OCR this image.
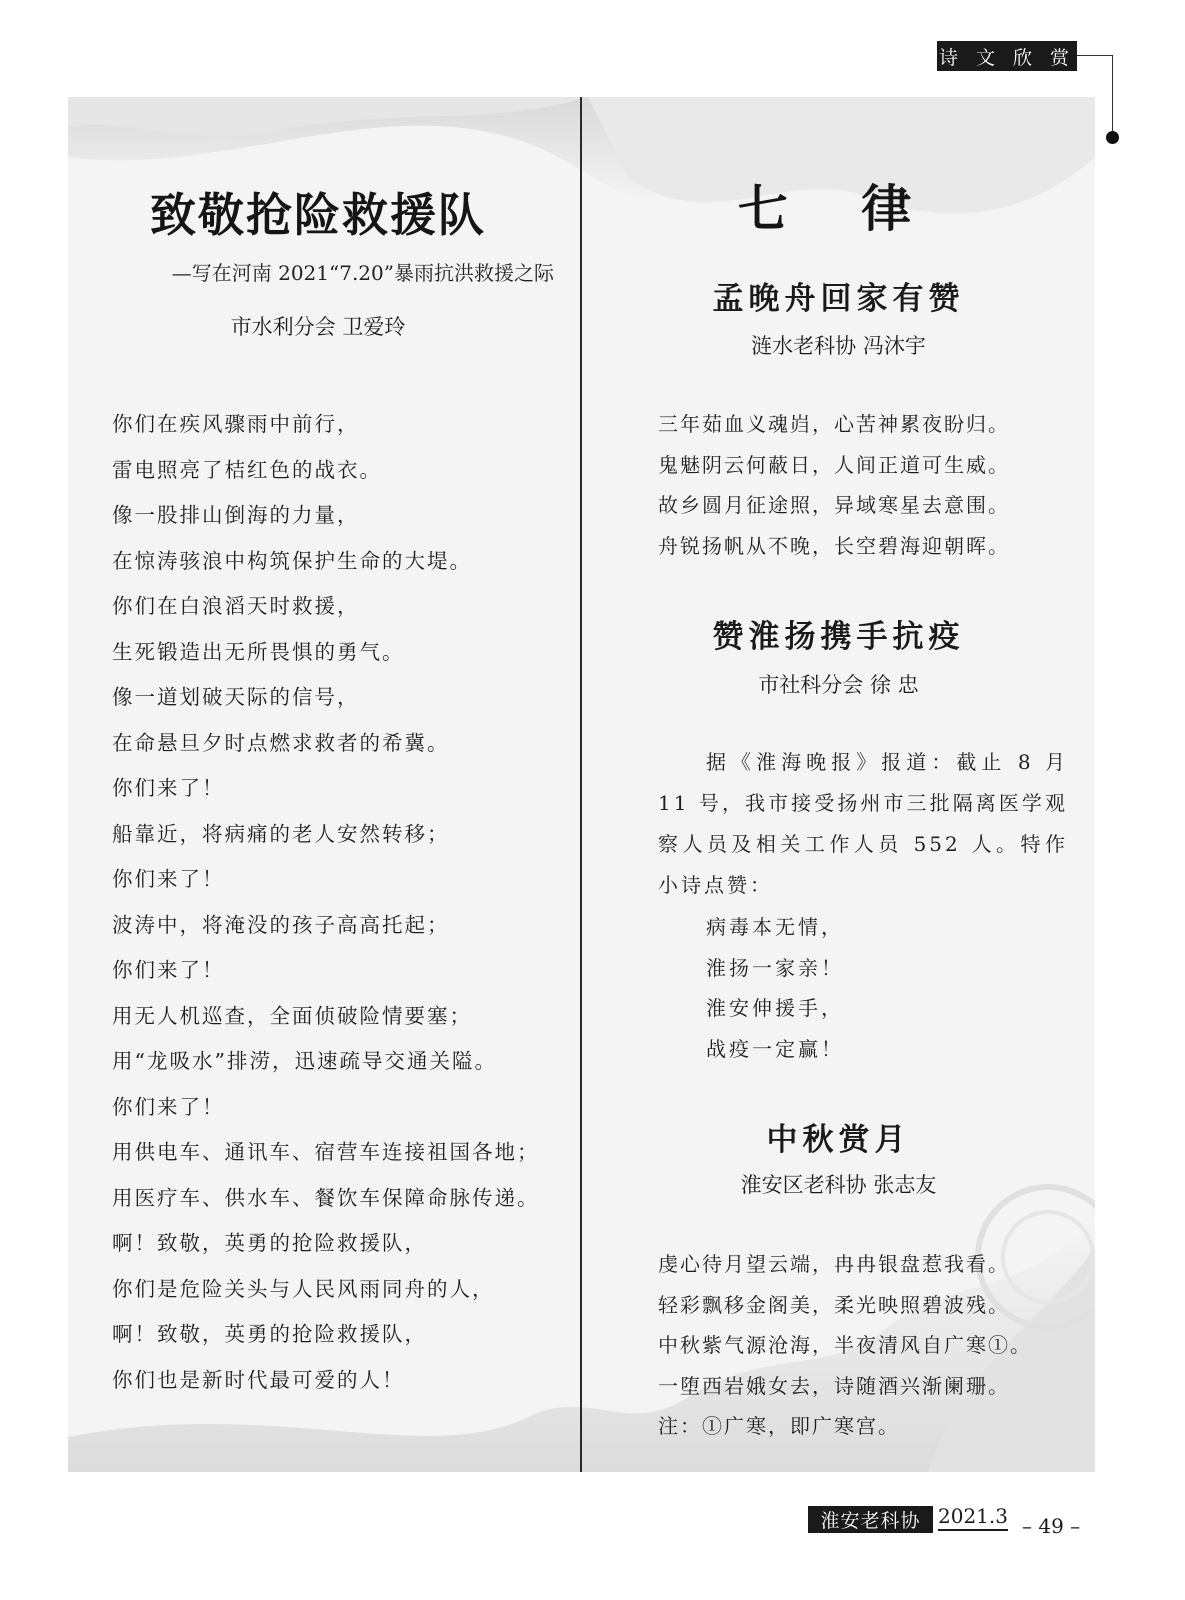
诗 文 欣 赏
致敬抢险救援队
—写在河南 2021“7.20”暴雨抗洪救援之际
市水利分会 卫爱玲
你们在疾风骤雨中前行，
雷电照亮了桔红色的战衣。
像一股排山倒海的力量，
在惊涛骇浪中构筑保护生命的大堤。
你们在白浪滔天时救援，
生死锻造出无所畏惧的勇气。
像一道划破天际的信号，
在命悬旦夕时点燃求救者的希冀。
你们来了！
船靠近，将病痛的老人安然转移；
你们来了！
波涛中，将淹没的孩子高高托起；
你们来了！
用无人机巡查，全面侦破险情要塞；
用“龙吸水”排涝，迅速疏导交通关隘。
你们来了！
用供电车、通讯车、宿营车连接祖国各地；
用医疗车、供水车、餐饮车保障命脉传递。
啊！致敬，英勇的抢险救援队，
你们是危险关头与人民风雨同舟的人，
啊！致敬，英勇的抢险救援队，
你们也是新时代最可爱的人！
七 律
孟晚舟回家有赞
涟水老科协 冯沐宇
三年茹血义魂岿，心苦神累夜盼归。
鬼魅阴云何蔽日，人间正道可生威。
故乡圆月征途照，异域寒星去意围。
舟锐扬帆从不晚，长空碧海迎朝晖。
赞淮扬携手抗疫
市社科分会 徐 忠
据《淮海晚报》报道：截止 8 月 11 号，我市接受扬州市三批隔离医学观察人员及相关工作人员 552 人。特作小诗点赞：
病毒本无情，
淮扬一家亲！
淮安伸援手，
战疫一定赢！
中秋赏月
淮安区老科协 张志友
虔心待月望云端，冉冉银盘惹我看。
轻彩飘移金阁美，柔光映照碧波残。
中秋紫气源沧海，半夜清风自广寒①。
一堕西岩娥女去，诗随酒兴渐阑珊。
注：①广寒，即广寒宫。
淮安老科协 2021.3 – 49 –
